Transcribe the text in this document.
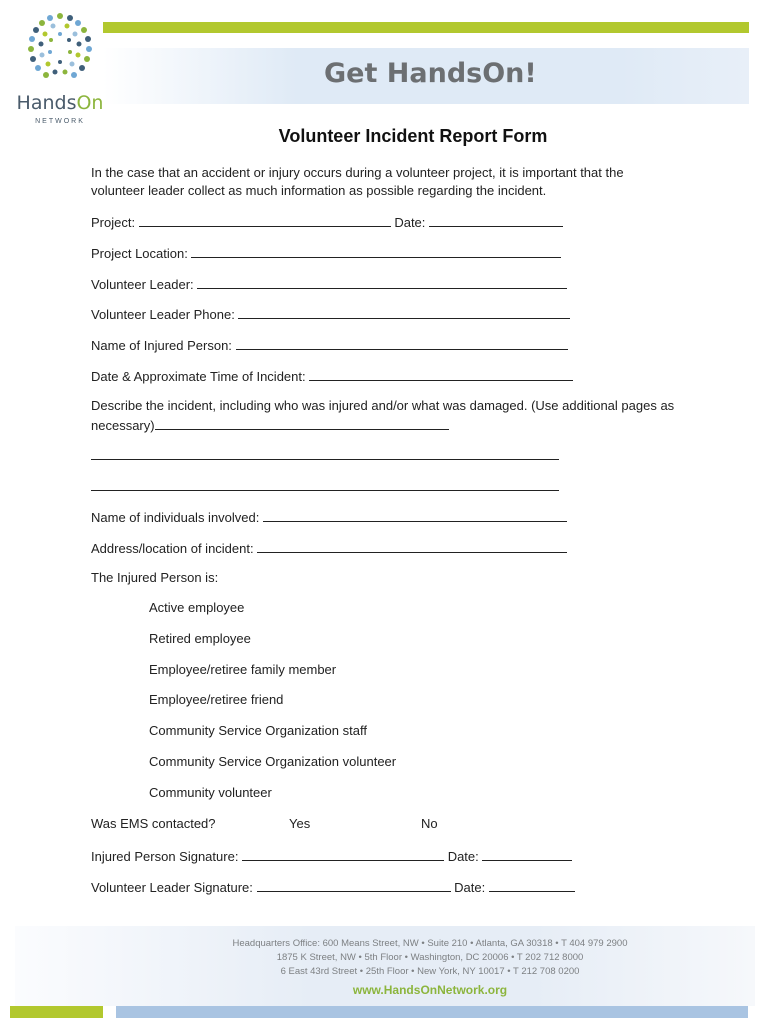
HandsOn
NETWORK
Get HandsOn!
Volunteer Incident Report Form
In the case that an accident or injury occurs during a volunteer project, it is important that the
volunteer leader collect as much information as possible regarding the incident.
Project:	Date:
Project Location:
Volunteer Leader:
Volunteer Leader Phone:
Name of Injured Person:
Date & Approximate Time of Incident:
Describe the incident, including who was injured and/or what was damaged. (Use additional pages as
necessary)
Name of individuals involved:
Address/location of incident:
The Injured Person is:
Active employee
Retired employee
Employee/retiree family member
Employee/retiree friend
Community Service Organization staff
Community Service Organization volunteer
Community volunteer
Was EMS contacted?	Yes	No
Injured Person Signature:	Date:
Volunteer Leader Signature:	Date:
Headquarters Office: 600 Means Street, NW • Suite 210 • Atlanta, GA 30318 • T 404 979 2900
1875 K Street, NW • 5th Floor • Washington, DC 20006 • T 202 712 8000
6 East 43rd Street • 25th Floor • New York, NY 10017 • T 212 708 0200
www.HandsOnNetwork.org
